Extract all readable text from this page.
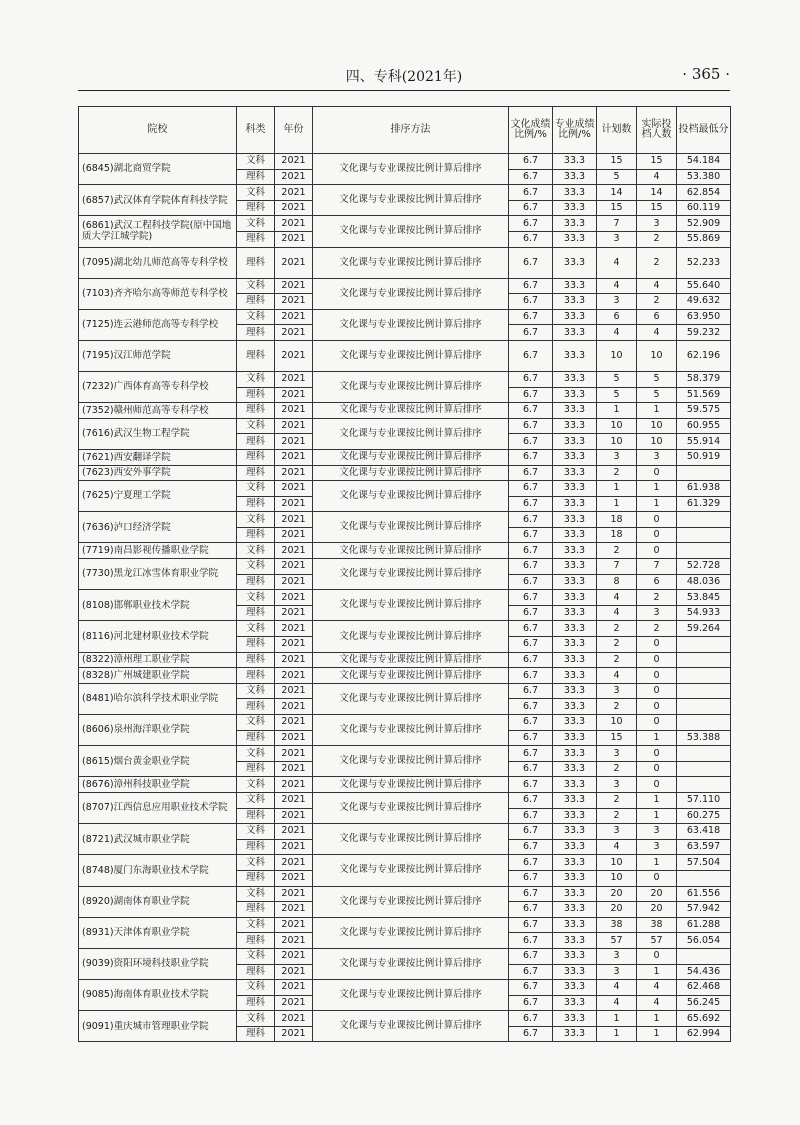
四、专科(2021年)	· 365 ·
院校	科类	年份	排序方法	文化成绩比例/%	专业成绩比例/%	计划数	实际投档人数	投档最低分
(6845)湖北商贸学院	文科	2021	文化课与专业课按比例计算后排序	6.7	33.3	15	15	54.184
	理科	2021		6.7	33.3	5	4	53.380
(6857)武汉体育学院体育科技学院	文科	2021	文化课与专业课按比例计算后排序	6.7	33.3	14	14	62.854
	理科	2021		6.7	33.3	15	15	60.119
(6861)武汉工程科技学院(原中国地质大学江城学院)	文科	2021	文化课与专业课按比例计算后排序	6.7	33.3	7	3	52.909
	理科	2021		6.7	33.3	3	2	55.869
(7095)湖北幼儿师范高等专科学校	理科	2021	文化课与专业课按比例计算后排序	6.7	33.3	4	2	52.233
(7103)齐齐哈尔高等师范专科学校	文科	2021	文化课与专业课按比例计算后排序	6.7	33.3	4	4	55.640
	理科	2021		6.7	33.3	3	2	49.632
(7125)连云港师范高等专科学校	文科	2021	文化课与专业课按比例计算后排序	6.7	33.3	6	6	63.950
	理科	2021		6.7	33.3	4	4	59.232
(7195)汉江师范学院	理科	2021	文化课与专业课按比例计算后排序	6.7	33.3	10	10	62.196
(7232)广西体育高等专科学校	文科	2021	文化课与专业课按比例计算后排序	6.7	33.3	5	5	58.379
	理科	2021		6.7	33.3	5	5	51.569
(7352)赣州师范高等专科学校	理科	2021	文化课与专业课按比例计算后排序	6.7	33.3	1	1	59.575
(7616)武汉生物工程学院	文科	2021	文化课与专业课按比例计算后排序	6.7	33.3	10	10	60.955
	理科	2021		6.7	33.3	10	10	55.914
(7621)西安翻译学院	理科	2021	文化课与专业课按比例计算后排序	6.7	33.3	3	3	50.919
(7623)西安外事学院	理科	2021	文化课与专业课按比例计算后排序	6.7	33.3	2	0	
(7625)宁夏理工学院	文科	2021	文化课与专业课按比例计算后排序	6.7	33.3	1	1	61.938
	理科	2021		6.7	33.3	1	1	61.329
(7636)泸口经济学院	文科	2021	文化课与专业课按比例计算后排序	6.7	33.3	18	0	
	理科	2021		6.7	33.3	18	0	
(7719)南昌影视传播职业学院	文科	2021	文化课与专业课按比例计算后排序	6.7	33.3	2	0	
(7730)黑龙江冰雪体育职业学院	文科	2021	文化课与专业课按比例计算后排序	6.7	33.3	7	7	52.728
	理科	2021		6.7	33.3	8	6	48.036
(8108)邯郸职业技术学院	文科	2021	文化课与专业课按比例计算后排序	6.7	33.3	4	2	53.845
	理科	2021		6.7	33.3	4	3	54.933
(8116)河北建材职业技术学院	文科	2021	文化课与专业课按比例计算后排序	6.7	33.3	2	2	59.264
	理科	2021		6.7	33.3	2	0	
(8322)漳州理工职业学院	理科	2021	文化课与专业课按比例计算后排序	6.7	33.3	2	0	
(8328)广州城建职业学院	理科	2021	文化课与专业课按比例计算后排序	6.7	33.3	4	0	
(8481)哈尔滨科学技术职业学院	文科	2021	文化课与专业课按比例计算后排序	6.7	33.3	3	0	
	理科	2021		6.7	33.3	2	0	
(8606)泉州海洋职业学院	文科	2021	文化课与专业课按比例计算后排序	6.7	33.3	10	0	
	理科	2021		6.7	33.3	15	1	53.388
(8615)烟台黄金职业学院	文科	2021	文化课与专业课按比例计算后排序	6.7	33.3	3	0	
	理科	2021		6.7	33.3	2	0	
(8676)漳州科技职业学院	文科	2021	文化课与专业课按比例计算后排序	6.7	33.3	3	0	
(8707)江西信息应用职业技术学院	文科	2021	文化课与专业课按比例计算后排序	6.7	33.3	2	1	57.110
	理科	2021		6.7	33.3	2	1	60.275
(8721)武汉城市职业学院	文科	2021	文化课与专业课按比例计算后排序	6.7	33.3	3	3	63.418
	理科	2021		6.7	33.3	4	3	63.597
(8748)厦门东海职业技术学院	文科	2021	文化课与专业课按比例计算后排序	6.7	33.3	10	1	57.504
	理科	2021		6.7	33.3	10	0	
(8920)湖南体育职业学院	文科	2021	文化课与专业课按比例计算后排序	6.7	33.3	20	20	61.556
	理科	2021		6.7	33.3	20	20	57.942
(8931)天津体育职业学院	文科	2021	文化课与专业课按比例计算后排序	6.7	33.3	38	38	61.288
	理科	2021		6.7	33.3	57	57	56.054
(9039)资阳环境科技职业学院	文科	2021	文化课与专业课按比例计算后排序	6.7	33.3	3	0	
	理科	2021		6.7	33.3	3	1	54.436
(9085)海南体育职业技术学院	文科	2021	文化课与专业课按比例计算后排序	6.7	33.3	4	4	62.468
	理科	2021		6.7	33.3	4	4	56.245
(9091)重庆城市管理职业学院	文科	2021	文化课与专业课按比例计算后排序	6.7	33.3	1	1	65.692
	理科	2021		6.7	33.3	1	1	62.994
